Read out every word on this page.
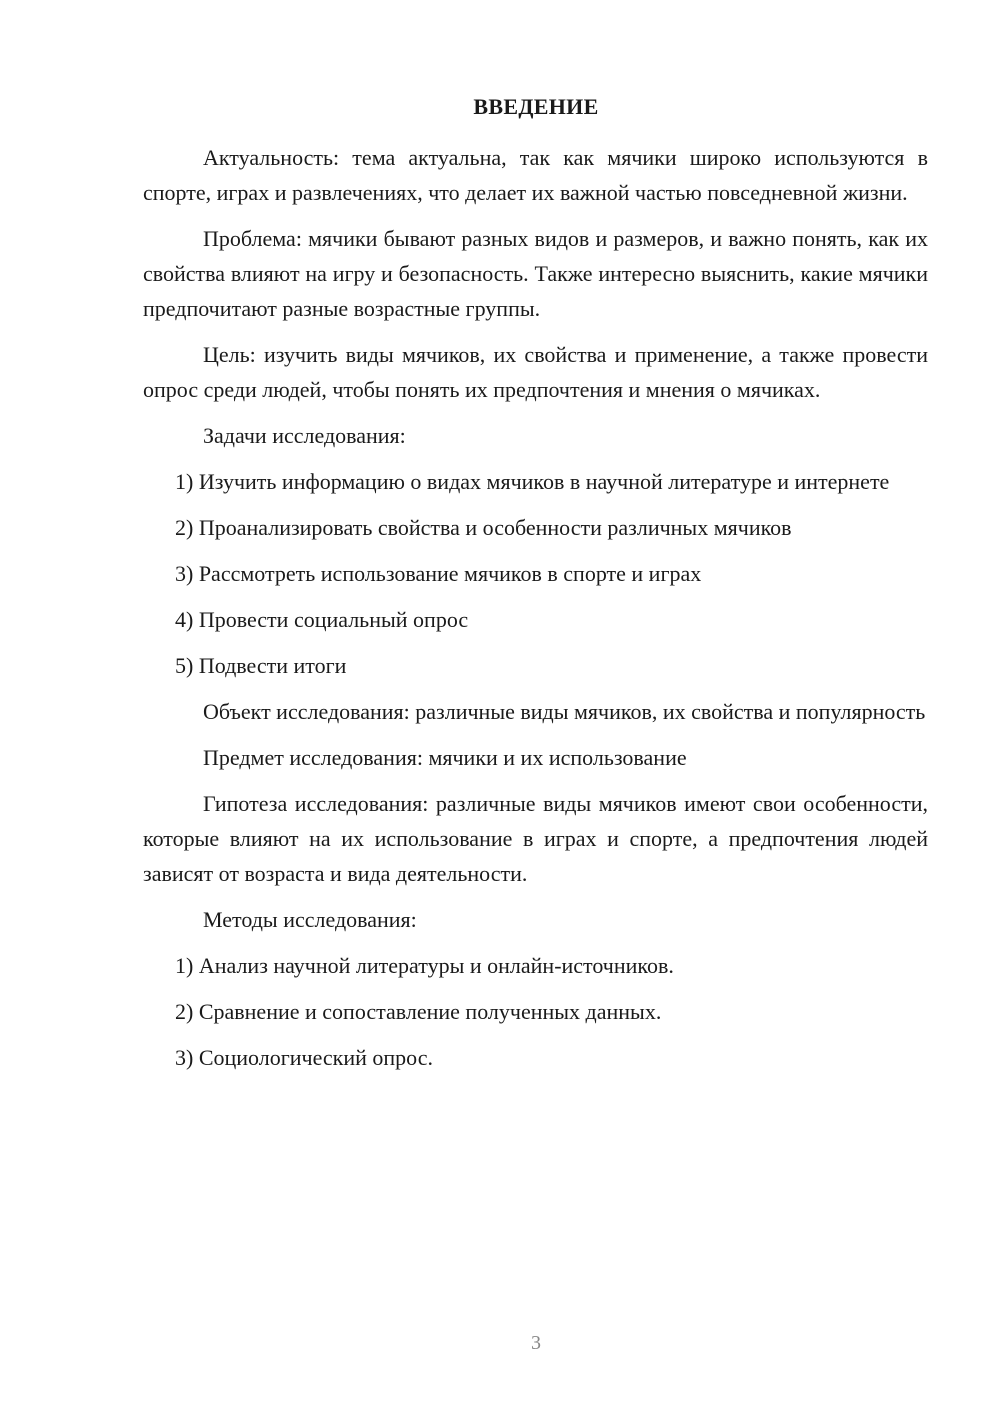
ВВЕДЕНИЕ

Актуальность: тема актуальна, так как мячики широко используются в спорте, играх и развлечениях, что делает их важной частью повседневной жизни.

Проблема: мячики бывают разных видов и размеров, и важно понять, как их свойства влияют на игру и безопасность. Также интересно выяснить, какие мячики предпочитают разные возрастные группы.

Цель: изучить виды мячиков, их свойства и применение, а также провести опрос среди людей, чтобы понять их предпочтения и мнения о мячиках.

Задачи исследования:

1) Изучить информацию о видах мячиков в научной литературе и интернете

2) Проанализировать свойства и особенности различных мячиков

3) Рассмотреть использование мячиков в спорте и играх

4) Провести социальный опрос

5) Подвести итоги

Объект исследования: различные виды мячиков, их свойства и популярность

Предмет исследования: мячики и их использование

Гипотеза исследования: различные виды мячиков имеют свои особенности, которые влияют на их использование в играх и спорте, а предпочтения людей зависят от возраста и вида деятельности.

Методы исследования:

1) Анализ научной литературы и онлайн-источников.

2) Сравнение и сопоставление полученных данных.

3) Социологический опрос.

3
